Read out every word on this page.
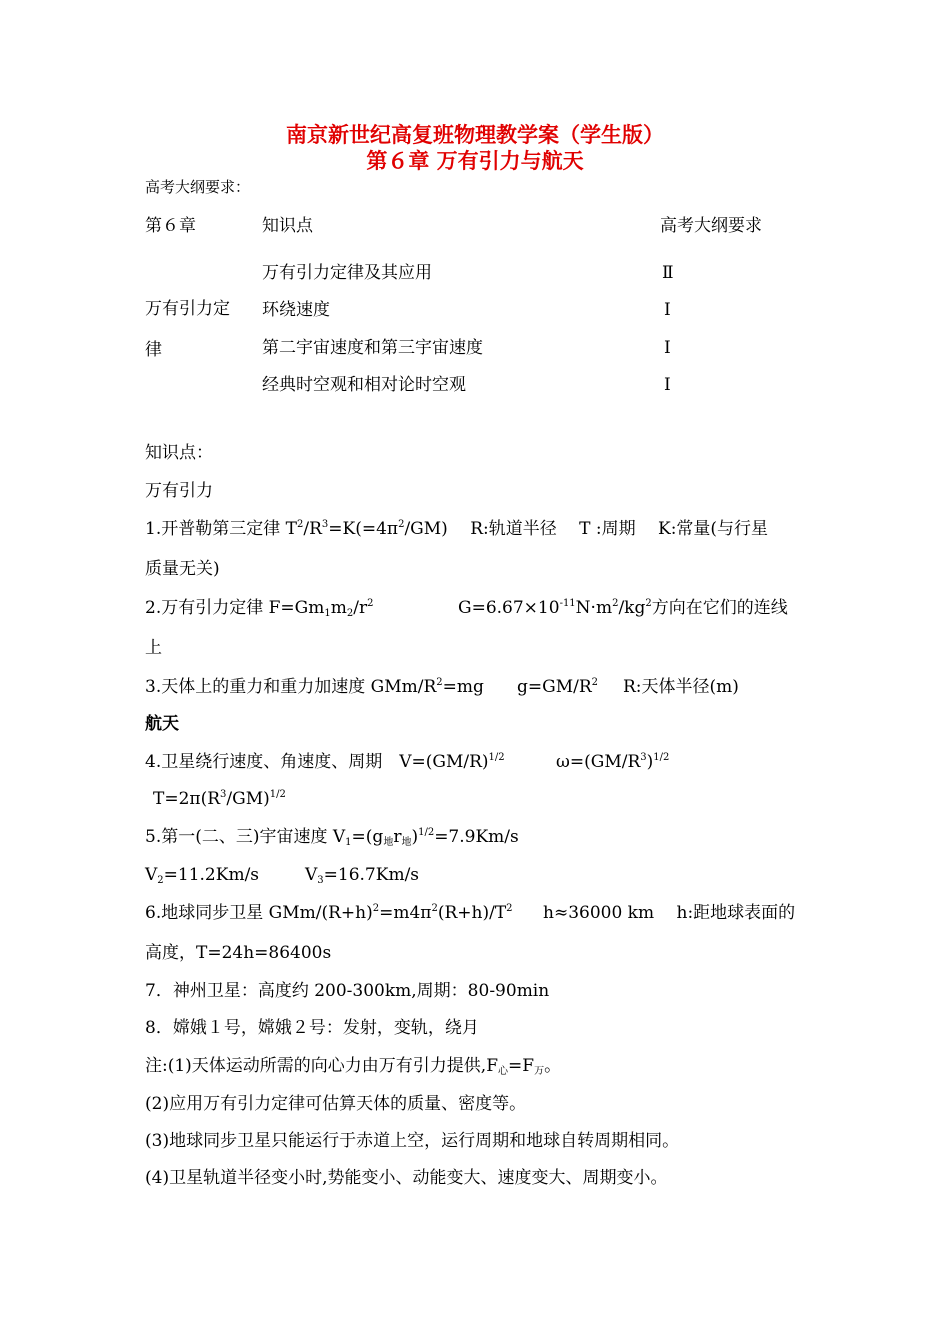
南京新世纪高复班物理教学案（学生版）
第６章 万有引力与航天
高考大纲要求：
第６章	知识点	高考大纲要求
万有引力定
律
万有引力定律及其应用	Ⅱ
环绕速度	Ⅰ
第二宇宙速度和第三宇宙速度	Ⅰ
经典时空观和相对论时空观	Ⅰ
知识点：
万有引力
1.开普勒第三定律 $T^2/R^3=K(=4\pi^2/GM)$　 R:轨道半径　 T :周期　 K:常量(与行星
质量无关)
2.万有引力定律 $F=Gm_1m_2/r^2$	$G=6.67\times 10^{-11}N\cdot m^2/kg^2$方向在它们的连线
上
3.天体上的重力和重力加速度 GMm/$R^2=mg$ $g=GM/R^2$ R:天体半径(m)
航天
4.卫星绕行速度、角速度、周期　$V=(GM/R)^{1/2}$	$\omega=(GM/R^3)^{1/2}$
$T=2\pi(R^3/GM)^{1/2}$
5.第一(二、三)宇宙速度 $V_1=(g_地r_地)^{1/2}=7.9Km/s$
$V_2=11.2Km/s$	$V_3=16.7Km/s$
6.地球同步卫星 GMm/$(R+h)^2=m4\pi^2(R+h)/T^2$ h≈36000 km　 h:距地球表面的
高度，T=24h=86400s
7．神州卫星：高度约 200-300km,周期：80-90min
8．嫦娥１号，嫦娥２号：发射，变轨，绕月
注:(1)天体运动所需的向心力由万有引力提供$,F_心=F_万$。
(2)应用万有引力定律可估算天体的质量、密度等。
(3)地球同步卫星只能运行于赤道上空，运行周期和地球自转周期相同。
(4)卫星轨道半径变小时,势能变小、动能变大、速度变大、周期变小。
